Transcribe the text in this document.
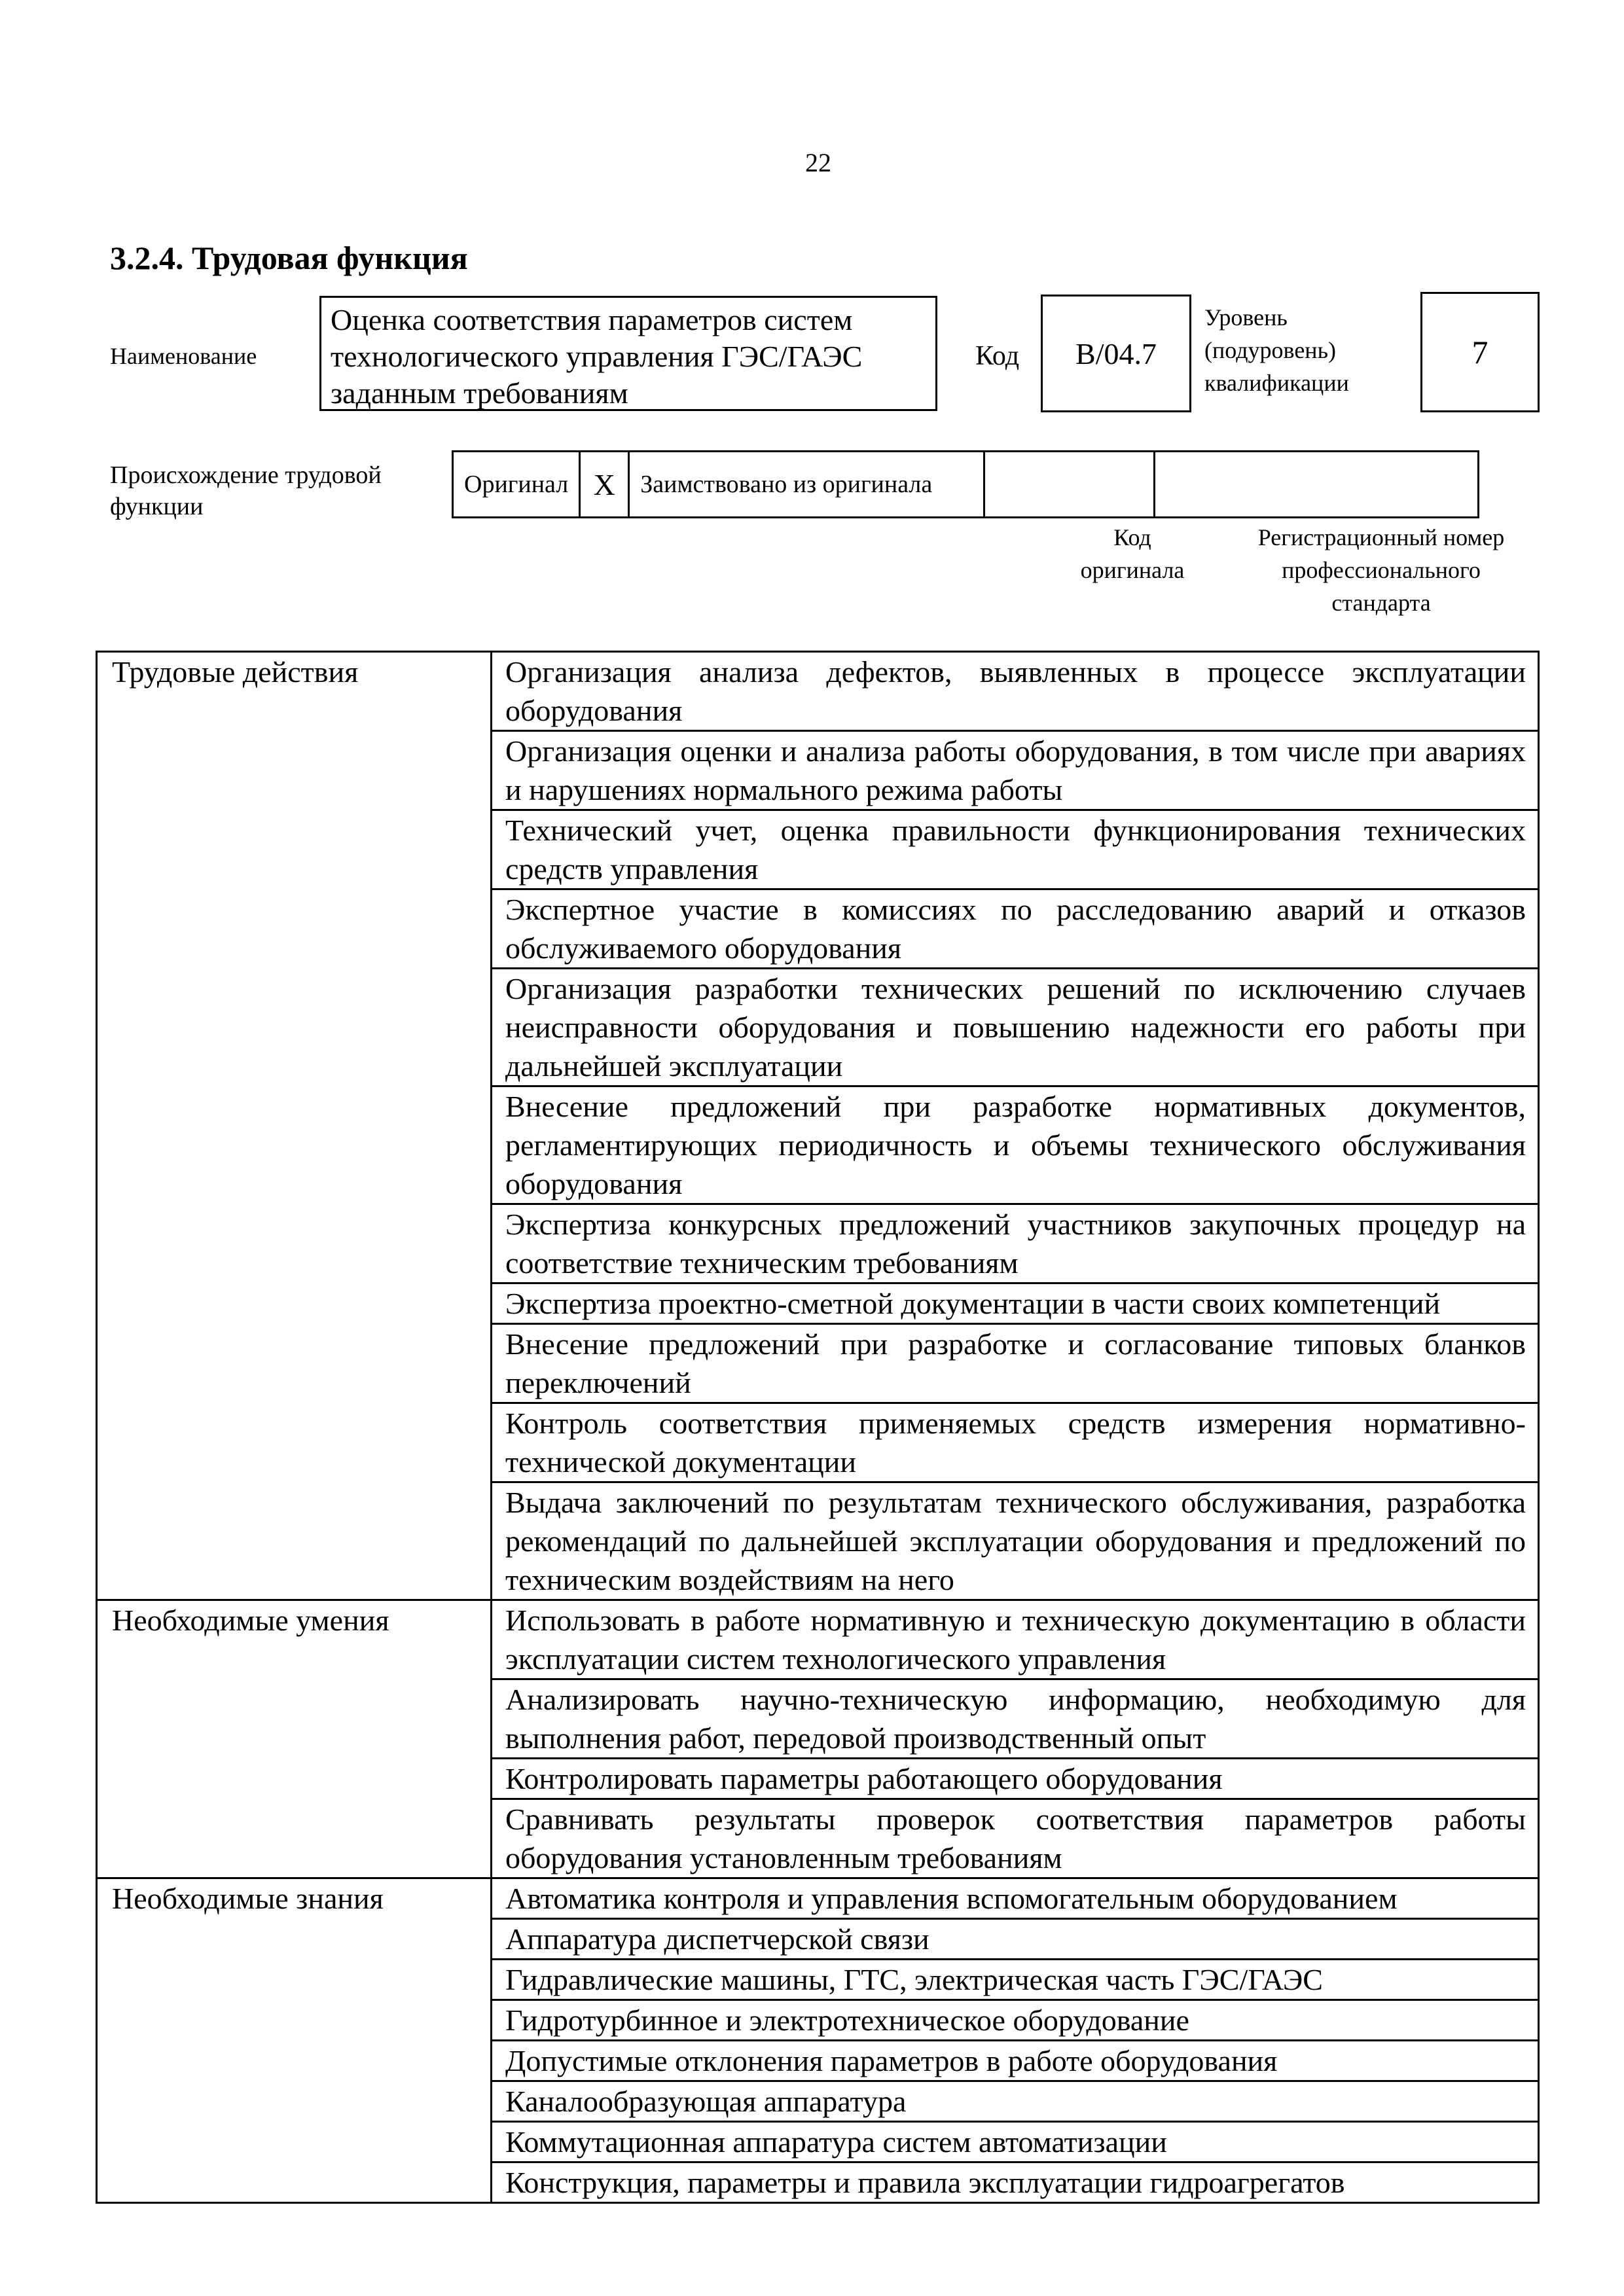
22
3.2.4. Трудовая функция
Наименование
Оценка соответствия параметров систем технологического управления ГЭС/ГАЭС заданным требованиям
Код	B/04.7
Уровень
(подуровень)
квалификации
7
Происхождение трудовой
функции
Оригинал	X	Заимствовано из оригинала		
Код
оригинала
Регистрационный номер
профессионального
стандарта
Трудовые действия	Организация анализа дефектов, выявленных в процессе эксплуатации оборудования
	Организация оценки и анализа работы оборудования, в том числе при авариях и нарушениях нормального режима работы
	Технический учет, оценка правильности функционирования технических средств управления
	Экспертное участие в комиссиях по расследованию аварий и отказов обслуживаемого оборудования
	Организация разработки технических решений по исключению случаев неисправности оборудования и повышению надежности его работы при дальнейшей эксплуатации
	Внесение предложений при разработке нормативных документов, регламентирующих периодичность и объемы технического обслуживания оборудования
	Экспертиза конкурсных предложений участников закупочных процедур на соответствие техническим требованиям
	Экспертиза проектно-сметной документации в части своих компетенций
	Внесение предложений при разработке и согласование типовых бланков переключений
	Контроль соответствия применяемых средств измерения нормативно-технической документации
	Выдача заключений по результатам технического обслуживания, разработка рекомендаций по дальнейшей эксплуатации оборудования и предложений по техническим воздействиям на него
Необходимые умения	Использовать в работе нормативную и техническую документацию в области эксплуатации систем технологического управления
	Анализировать научно-техническую информацию, необходимую для выполнения работ, передовой производственный опыт
	Контролировать параметры работающего оборудования
	Сравнивать результаты проверок соответствия параметров работы оборудования установленным требованиям
Необходимые знания	Автоматика контроля и управления вспомогательным оборудованием
	Аппаратура диспетчерской связи
	Гидравлические машины, ГТС, электрическая часть ГЭС/ГАЭС
	Гидротурбинное и электротехническое оборудование
	Допустимые отклонения параметров в работе оборудования
	Каналообразующая аппаратура
	Коммутационная аппаратура систем автоматизации
	Конструкция, параметры и правила эксплуатации гидроагрегатов
